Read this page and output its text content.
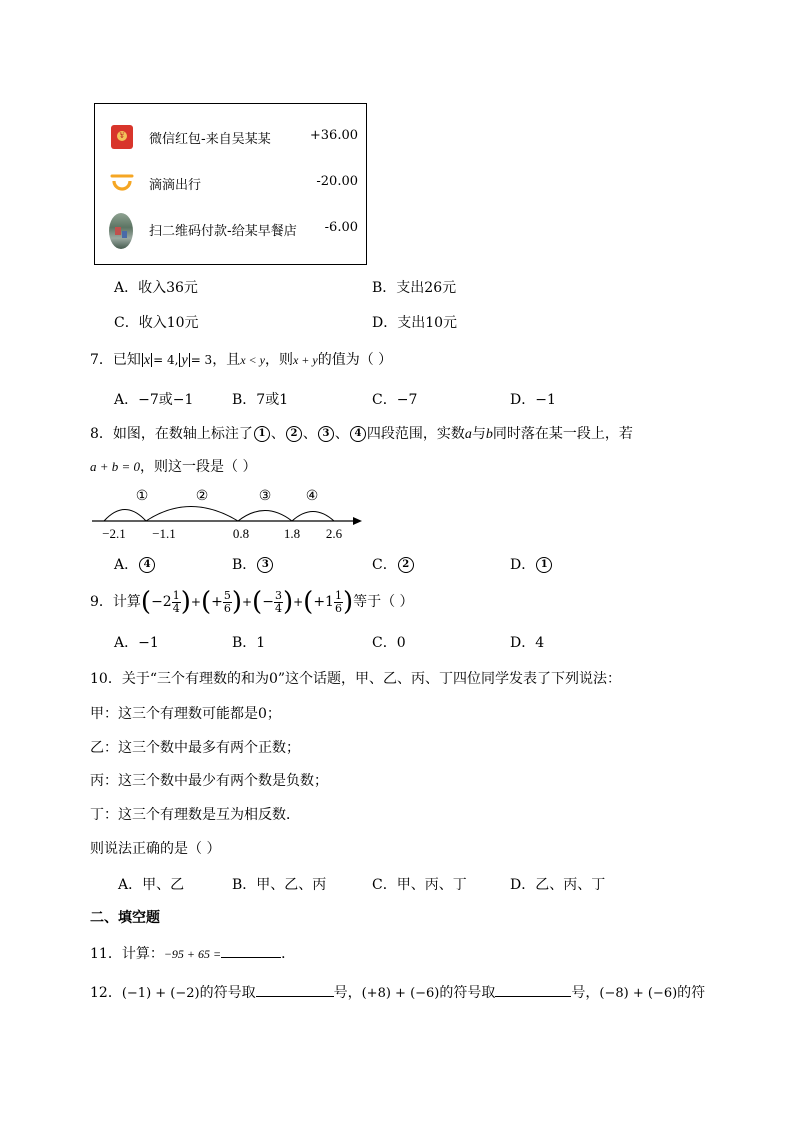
¥ 微信红包-来自吴某某	+36.00
滴滴出行	-20.00
扫二维码付款-给某早餐店 -6.00
A．收入36元	B．支出26元
C．收入10元	D．支出10元
7．已知 x = 4, y = 3，且x < y，则x + y的值为（ ）
A．−7或−1	B．7或1	C．−7	D．−1
8．如图，在数轴上标注了 1 、 2 、 3 、 4 四段范围，实数a与b同时落在某一段上，若
a + b = 0，则这一段是（ ）
①	②	③ ④
−2.1 −1.1	0.8	1.8 2.6
A． 4	B． 3	C． 2	D． 1
9．计算($-2 \frac{1}{4}$ )+(+ $\frac{5}{6}$ )+(− $\frac{3}{4} )+(+1 \frac{1}{6}$ )等于（ ）
A．−1	B．1	C．0	D．4
10．关于“三个有理数的和为0”这个话题，甲、乙、丙、丁四位同学发表了下列说法：
甲：这三个有理数可能都是0；
乙：这三个数中最多有两个正数；
丙：这三个数中最少有两个数是负数；
丁：这三个有理数是互为相反数．
则说法正确的是（ ）
A．甲、乙	B．甲、乙、丙	C．甲、丙、丁	D．乙、丙、丁
二、填空题
11．计算：−95 + 65 =	．
12．(−1) + (−2)的符号取	号，(+8) + (−6)的符号取	号，(−8) + (−6)的符
